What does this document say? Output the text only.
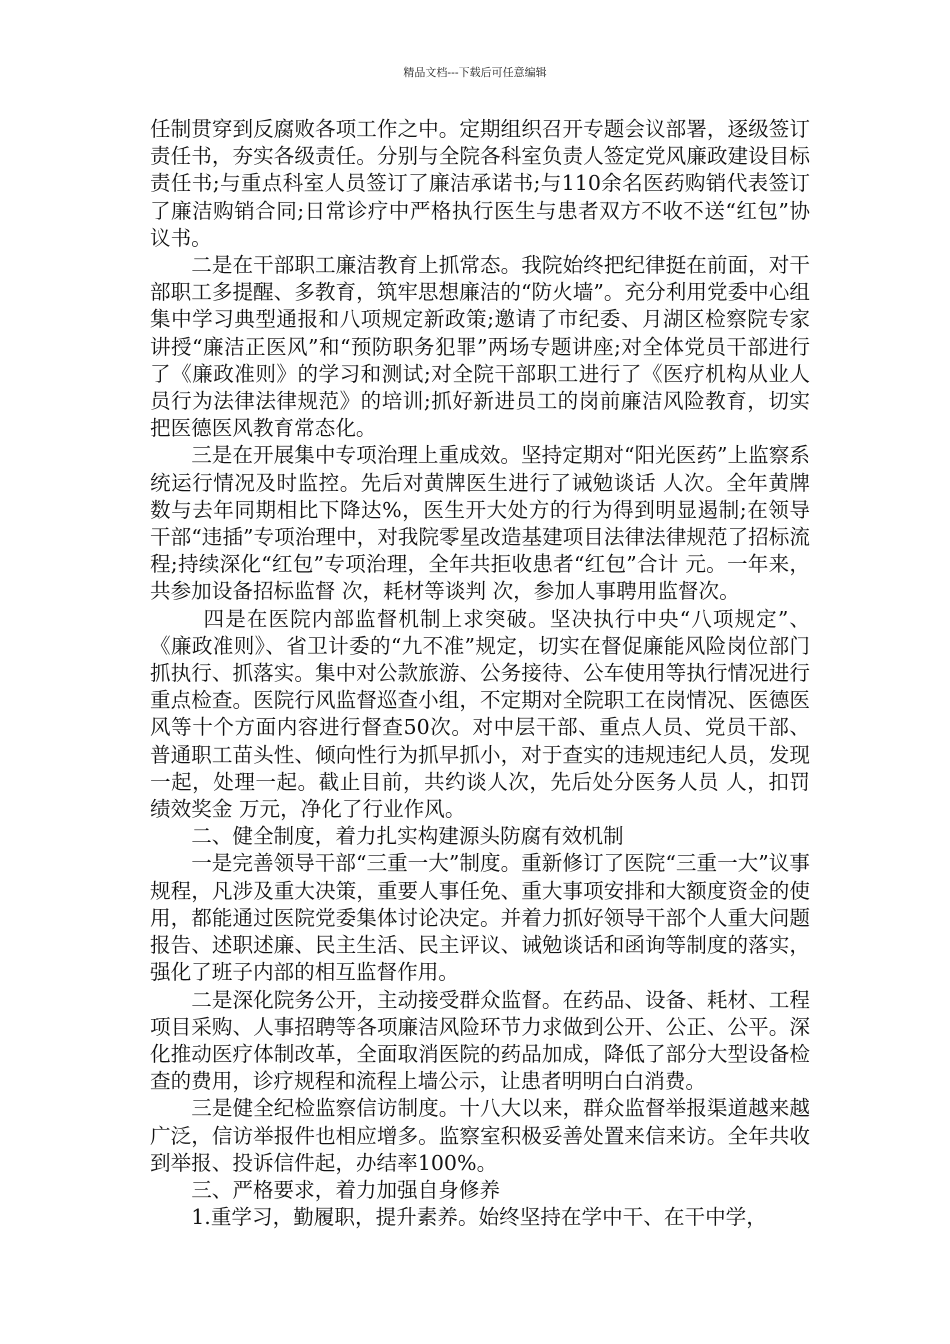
精品文档---下载后可任意编辑

任制贯穿到反腐败各项工作之中。定期组织召开专题会议部署，逐级签订责任书，夯实各级责任。分别与全院各科室负责人签定党风廉政建设目标责任书;与重点科室人员签订了廉洁承诺书;与110余名医药购销代表签订了廉洁购销合同;日常诊疗中严格执行医生与患者双方不收不送“红包”协议书。

二是在干部职工廉洁教育上抓常态。我院始终把纪律挺在前面，对干部职工多提醒、多教育，筑牢思想廉洁的“防火墙”。充分利用党委中心组集中学习典型通报和八项规定新政策;邀请了市纪委、月湖区检察院专家讲授“廉洁正医风”和“预防职务犯罪”两场专题讲座;对全体党员干部进行了《廉政准则》的学习和测试;对全院干部职工进行了《医疗机构从业人员行为法律法律规范》的培训;抓好新进员工的岗前廉洁风险教育，切实把医德医风教育常态化。

三是在开展集中专项治理上重成效。坚持定期对“阳光医药”上监察系统运行情况及时监控。先后对黄牌医生进行了诫勉谈话 人次。全年黄牌数与去年同期相比下降达%，医生开大处方的行为得到明显遏制;在领导干部“违插”专项治理中，对我院零星改造基建项目法律法律规范了招标流程;持续深化“红包”专项治理，全年共拒收患者“红包”合计 元。一年来，共参加设备招标监督 次，耗材等谈判 次，参加人事聘用监督次。

四是在医院内部监督机制上求突破。坚决执行中央“八项规定”、《廉政准则》、省卫计委的“九不准”规定，切实在督促廉能风险岗位部门抓执行、抓落实。集中对公款旅游、公务接待、公车使用等执行情况进行重点检查。医院行风监督巡查小组，不定期对全院职工在岗情况、医德医风等十个方面内容进行督查50次。对中层干部、重点人员、党员干部、普通职工苗头性、倾向性行为抓早抓小，对于查实的违规违纪人员，发现一起，处理一起。截止目前，共约谈人次，先后处分医务人员 人，扣罚绩效奖金 万元，净化了行业作风。

二、健全制度，着力扎实构建源头防腐有效机制

一是完善领导干部“三重一大”制度。重新修订了医院“三重一大”议事规程，凡涉及重大决策，重要人事任免、重大事项安排和大额度资金的使用，都能通过医院党委集体讨论决定。并着力抓好领导干部个人重大问题报告、述职述廉、民主生活、民主评议、诫勉谈话和函询等制度的落实，强化了班子内部的相互监督作用。

二是深化院务公开，主动接受群众监督。在药品、设备、耗材、工程项目采购、人事招聘等各项廉洁风险环节力求做到公开、公正、公平。深化推动医疗体制改革，全面取消医院的药品加成，降低了部分大型设备检查的费用，诊疗规程和流程上墙公示，让患者明明白白消费。

三是健全纪检监察信访制度。十八大以来，群众监督举报渠道越来越广泛，信访举报件也相应增多。监察室积极妥善处置来信来访。全年共收到举报、投诉信件起，办结率100%。

三、严格要求，着力加强自身修养

1.重学习，勤履职，提升素养。始终坚持在学中干、在干中学，
